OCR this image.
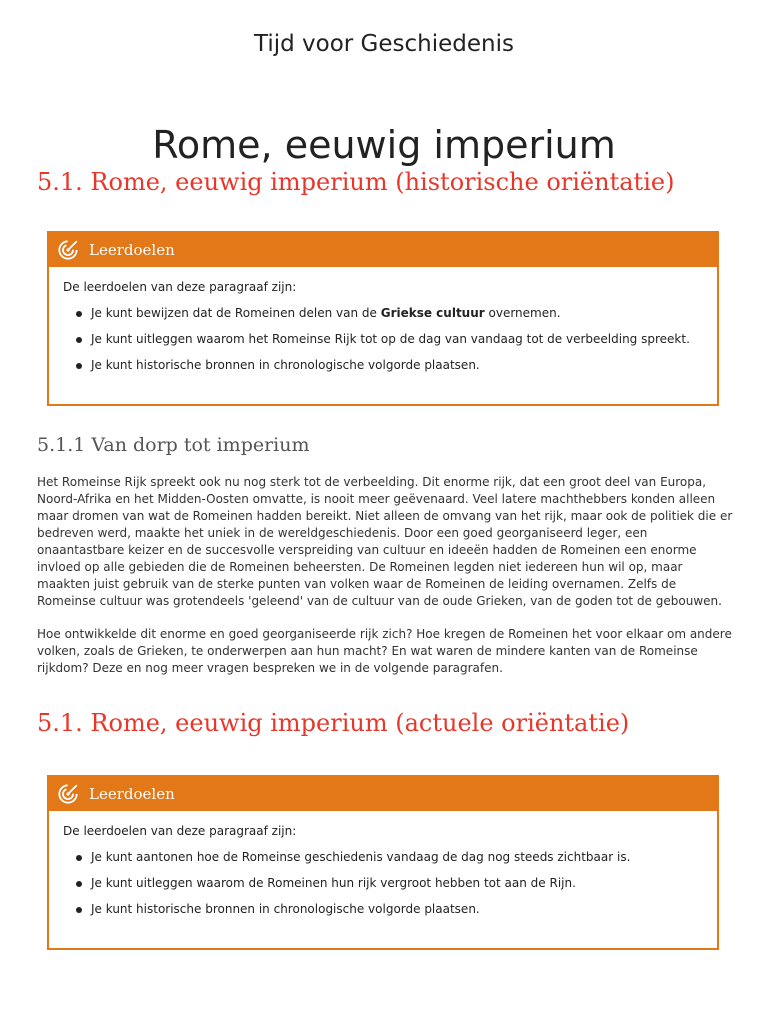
Tijd voor Geschiedenis
Rome, eeuwig imperium
5.1. Rome, eeuwig imperium (historische oriëntatie)
Leerdoelen

De leerdoelen van deze paragraaf zijn:

Je kunt bewijzen dat de Romeinen delen van de Griekse cultuur overnemen.
Je kunt uitleggen waarom het Romeinse Rijk tot op de dag van vandaag tot de verbeelding spreekt.
Je kunt historische bronnen in chronologische volgorde plaatsen.
5.1.1 Van dorp tot imperium

Het Romeinse Rijk spreekt ook nu nog sterk tot de verbeelding. Dit enorme rijk, dat een groot deel van Europa, Noord-Afrika en het Midden-Oosten omvatte, is nooit meer geëvenaard. Veel latere machthebbers konden alleen maar dromen van wat de Romeinen hadden bereikt. Niet alleen de omvang van het rijk, maar ook de politiek die er bedreven werd, maakte het uniek in de wereldgeschiedenis. Door een goed georganiseerd leger, een onaantastbare keizer en de succesvolle verspreiding van cultuur en ideeën hadden de Romeinen een enorme invloed op alle gebieden die de Romeinen beheersten. De Romeinen legden niet iedereen hun wil op, maar maakten juist gebruik van de sterke punten van volken waar de Romeinen de leiding overnamen. Zelfs de Romeinse cultuur was grotendeels 'geleend' van de cultuur van de oude Grieken, van de goden tot de gebouwen.

Hoe ontwikkelde dit enorme en goed georganiseerde rijk zich? Hoe kregen de Romeinen het voor elkaar om andere volken, zoals de Grieken, te onderwerpen aan hun macht? En wat waren de mindere kanten van de Romeinse rijkdom? Deze en nog meer vragen bespreken we in de volgende paragrafen.

5.1. Rome, eeuwig imperium (actuele oriëntatie)
Leerdoelen

De leerdoelen van deze paragraaf zijn:

Je kunt aantonen hoe de Romeinse geschiedenis vandaag de dag nog steeds zichtbaar is.
Je kunt uitleggen waarom de Romeinen hun rijk vergroot hebben tot aan de Rijn.
Je kunt historische bronnen in chronologische volgorde plaatsen.
